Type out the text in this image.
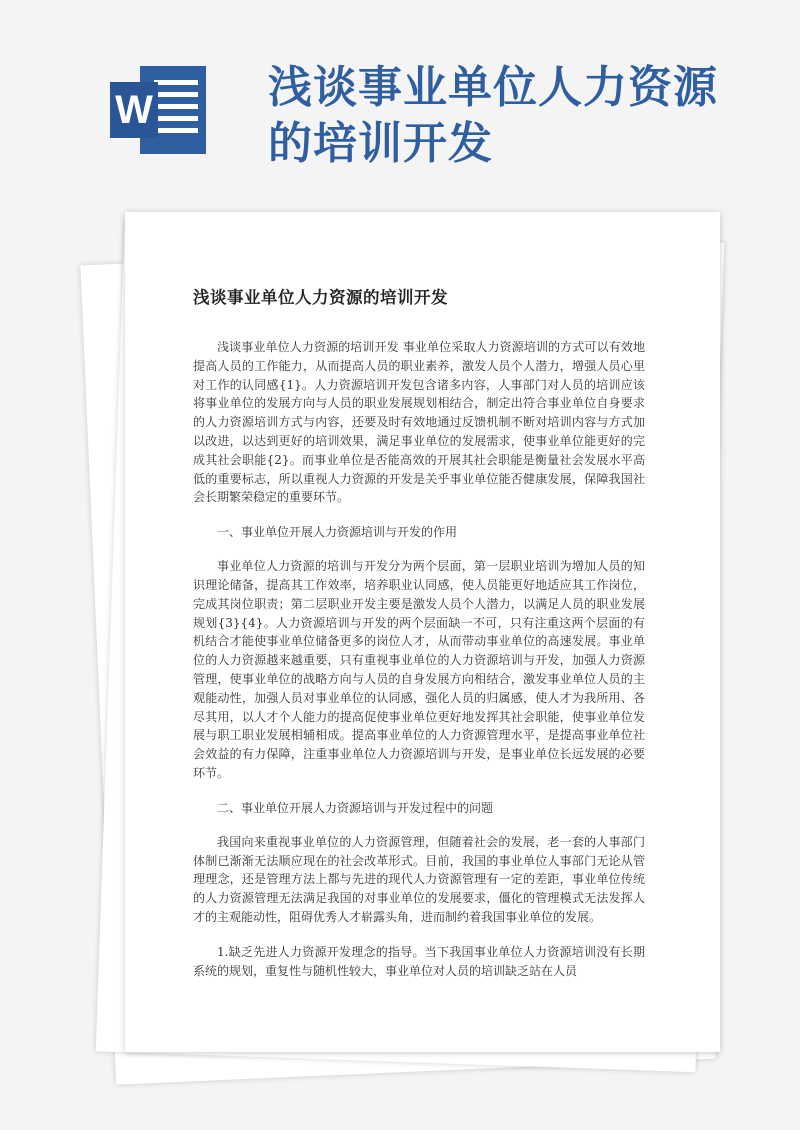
W	浅谈事业单位人力资源的培训开发
浅谈事业单位人力资源的培训开发

浅谈事业单位人力资源的培训开发 事业单位采取人力资源培训的方式可以有效地提高人员的工作能力，从而提高人员的职业素养，激发人员个人潜力，增强人员心里对工作的认同感{1}。人力资源培训开发包含诸多内容，人事部门对人员的培训应该将事业单位的发展方向与人员的职业发展规划相结合，制定出符合事业单位自身要求的人力资源培训方式与内容，还要及时有效地通过反馈机制不断对培训内容与方式加以改进，以达到更好的培训效果，满足事业单位的发展需求，使事业单位能更好的完成其社会职能{2}。而事业单位是否能高效的开展其社会职能是衡量社会发展水平高低的重要标志，所以重视人力资源的开发是关乎事业单位能否健康发展，保障我国社会长期繁荣稳定的重要环节。

一、事业单位开展人力资源培训与开发的作用

事业单位人力资源的培训与开发分为两个层面，第一层职业培训为增加人员的知识理论储备，提高其工作效率，培养职业认同感，使人员能更好地适应其工作岗位，完成其岗位职责；第二层职业开发主要是激发人员个人潜力，以满足人员的职业发展规划{3}{4}。人力资源培训与开发的两个层面缺一不可，只有注重这两个层面的有机结合才能使事业单位储备更多的岗位人才，从而带动事业单位的高速发展。事业单位的人力资源越来越重要，只有重视事业单位的人力资源培训与开发，加强人力资源管理，使事业单位的战略方向与人员的自身发展方向相结合，激发事业单位人员的主观能动性，加强人员对事业单位的认同感，强化人员的归属感，使人才为我所用、各尽其用，以人才个人能力的提高促使事业单位更好地发挥其社会职能，使事业单位发展与职工职业发展相辅相成。提高事业单位的人力资源管理水平，是提高事业单位社会效益的有力保障，注重事业单位人力资源培训与开发，是事业单位长远发展的必要环节。

二、事业单位开展人力资源培训与开发过程中的问题

我国向来重视事业单位的人力资源管理，但随着社会的发展，老一套的人事部门体制已渐渐无法顺应现在的社会改革形式。目前，我国的事业单位人事部门无论从管理理念，还是管理方法上都与先进的现代人力资源管理有一定的差距，事业单位传统的人力资源管理无法满足我国的对事业单位的发展要求，僵化的管理模式无法发挥人才的主观能动性，阻碍优秀人才崭露头角，进而制约着我国事业单位的发展。

1.缺乏先进人力资源开发理念的指导。当下我国事业单位人力资源培训没有长期系统的规划，重复性与随机性较大，事业单位对人员的培训缺乏站在人员
